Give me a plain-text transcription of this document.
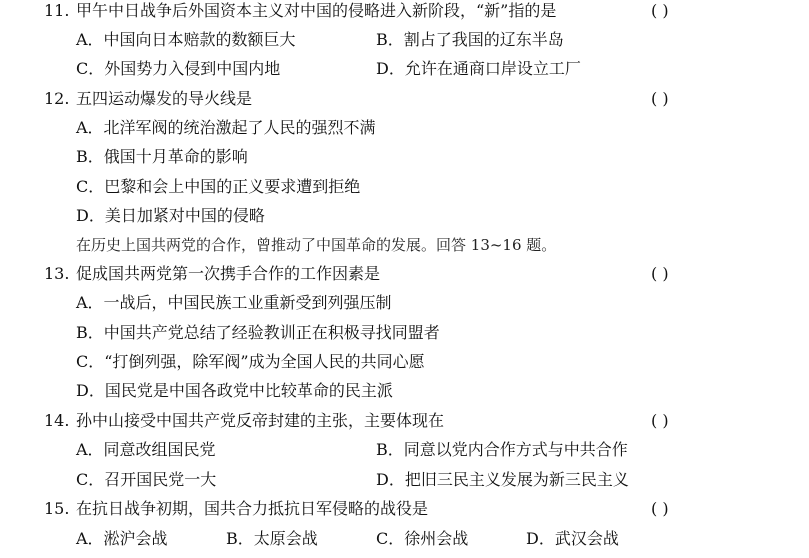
11. 甲午中日战争后外国资本主义对中国的侵略进入新阶段，“新”指的是	( )
A．中国向日本赔款的数额巨大	B．割占了我国的辽东半岛
C．外国势力入侵到中国内地	D．允许在通商口岸设立工厂
12. 五四运动爆发的导火线是	( )
A．北洋军阀的统治激起了人民的强烈不满
B．俄国十月革命的影响
C．巴黎和会上中国的正义要求遭到拒绝
D．美日加紧对中国的侵略
在历史上国共两党的合作，曾推动了中国革命的发展。回答 13~16 题。
13. 促成国共两党第一次携手合作的工作因素是	( )
A．一战后，中国民族工业重新受到列强压制
B．中国共产党总结了经验教训正在积极寻找同盟者
C．“打倒列强，除军阀”成为全国人民的共同心愿
D．国民党是中国各政党中比较革命的民主派
14. 孙中山接受中国共产党反帝封建的主张，主要体现在	( )
A．同意改组国民党	B．同意以党内合作方式与中共合作
C．召开国民党一大	D．把旧三民主义发展为新三民主义
15. 在抗日战争初期，国共合力抵抗日军侵略的战役是	( )
A．淞沪会战	B．太原会战	C．徐州会战	D．武汉会战
